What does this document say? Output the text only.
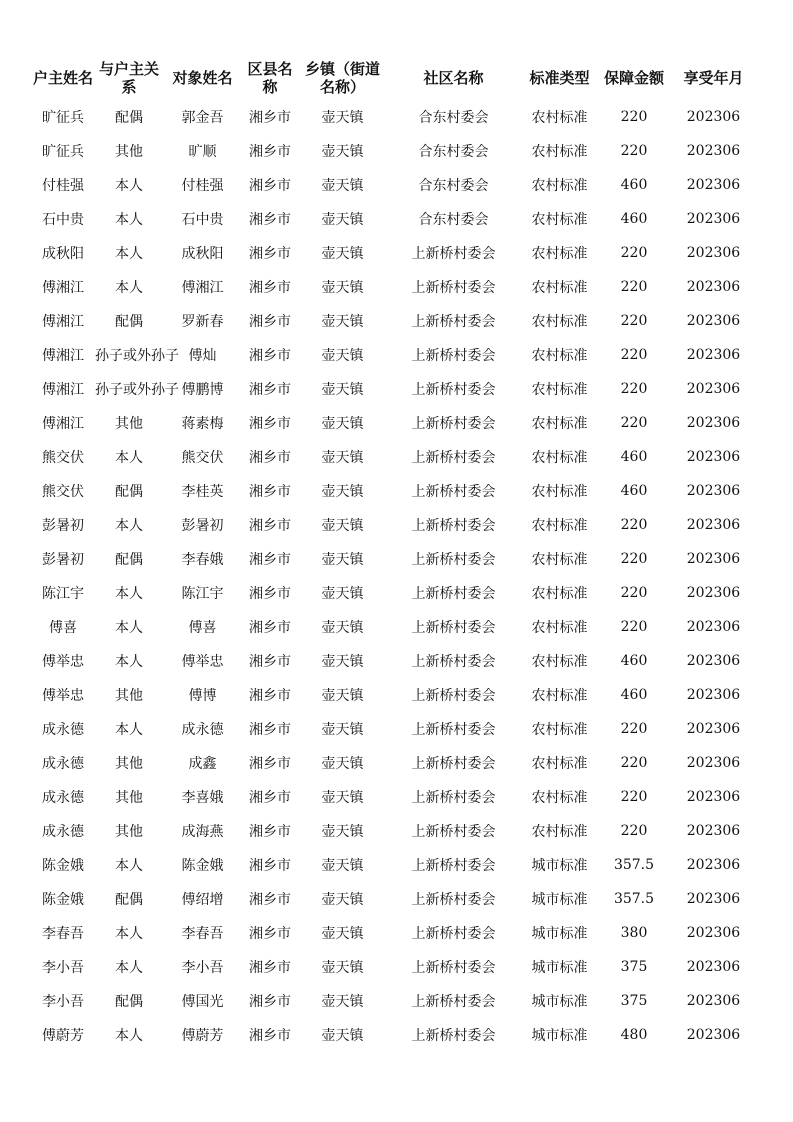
户主姓名	与户主关系	对象姓名	区县名称	乡镇（街道名称）	社区名称	标准类型	保障金额	享受年月
旷征兵	配偶	郭金吾	湘乡市	壶天镇	合东村委会	农村标准	220	202306
旷征兵	其他	旷顺	湘乡市	壶天镇	合东村委会	农村标准	220	202306
付桂强	本人	付桂强	湘乡市	壶天镇	合东村委会	农村标准	460	202306
石中贵	本人	石中贵	湘乡市	壶天镇	合东村委会	农村标准	460	202306
成秋阳	本人	成秋阳	湘乡市	壶天镇	上新桥村委会	农村标准	220	202306
傅湘江	本人	傅湘江	湘乡市	壶天镇	上新桥村委会	农村标准	220	202306
傅湘江	配偶	罗新春	湘乡市	壶天镇	上新桥村委会	农村标准	220	202306
傅湘江	孙子或外孙子	傅灿	湘乡市	壶天镇	上新桥村委会	农村标准	220	202306
傅湘江	孙子或外孙子	傅鹏博	湘乡市	壶天镇	上新桥村委会	农村标准	220	202306
傅湘江	其他	蒋素梅	湘乡市	壶天镇	上新桥村委会	农村标准	220	202306
熊交伏	本人	熊交伏	湘乡市	壶天镇	上新桥村委会	农村标准	460	202306
熊交伏	配偶	李桂英	湘乡市	壶天镇	上新桥村委会	农村标准	460	202306
彭暑初	本人	彭暑初	湘乡市	壶天镇	上新桥村委会	农村标准	220	202306
彭暑初	配偶	李春娥	湘乡市	壶天镇	上新桥村委会	农村标准	220	202306
陈江宇	本人	陈江宇	湘乡市	壶天镇	上新桥村委会	农村标准	220	202306
傅喜	本人	傅喜	湘乡市	壶天镇	上新桥村委会	农村标准	220	202306
傅举忠	本人	傅举忠	湘乡市	壶天镇	上新桥村委会	农村标准	460	202306
傅举忠	其他	傅博	湘乡市	壶天镇	上新桥村委会	农村标准	460	202306
成永德	本人	成永德	湘乡市	壶天镇	上新桥村委会	农村标准	220	202306
成永德	其他	成鑫	湘乡市	壶天镇	上新桥村委会	农村标准	220	202306
成永德	其他	李喜娥	湘乡市	壶天镇	上新桥村委会	农村标准	220	202306
成永德	其他	成海燕	湘乡市	壶天镇	上新桥村委会	农村标准	220	202306
陈金娥	本人	陈金娥	湘乡市	壶天镇	上新桥村委会	城市标准	357.5	202306
陈金娥	配偶	傅绍增	湘乡市	壶天镇	上新桥村委会	城市标准	357.5	202306
李春吾	本人	李春吾	湘乡市	壶天镇	上新桥村委会	城市标准	380	202306
李小吾	本人	李小吾	湘乡市	壶天镇	上新桥村委会	城市标准	375	202306
李小吾	配偶	傅国光	湘乡市	壶天镇	上新桥村委会	城市标准	375	202306
傅蔚芳	本人	傅蔚芳	湘乡市	壶天镇	上新桥村委会	城市标准	480	202306
